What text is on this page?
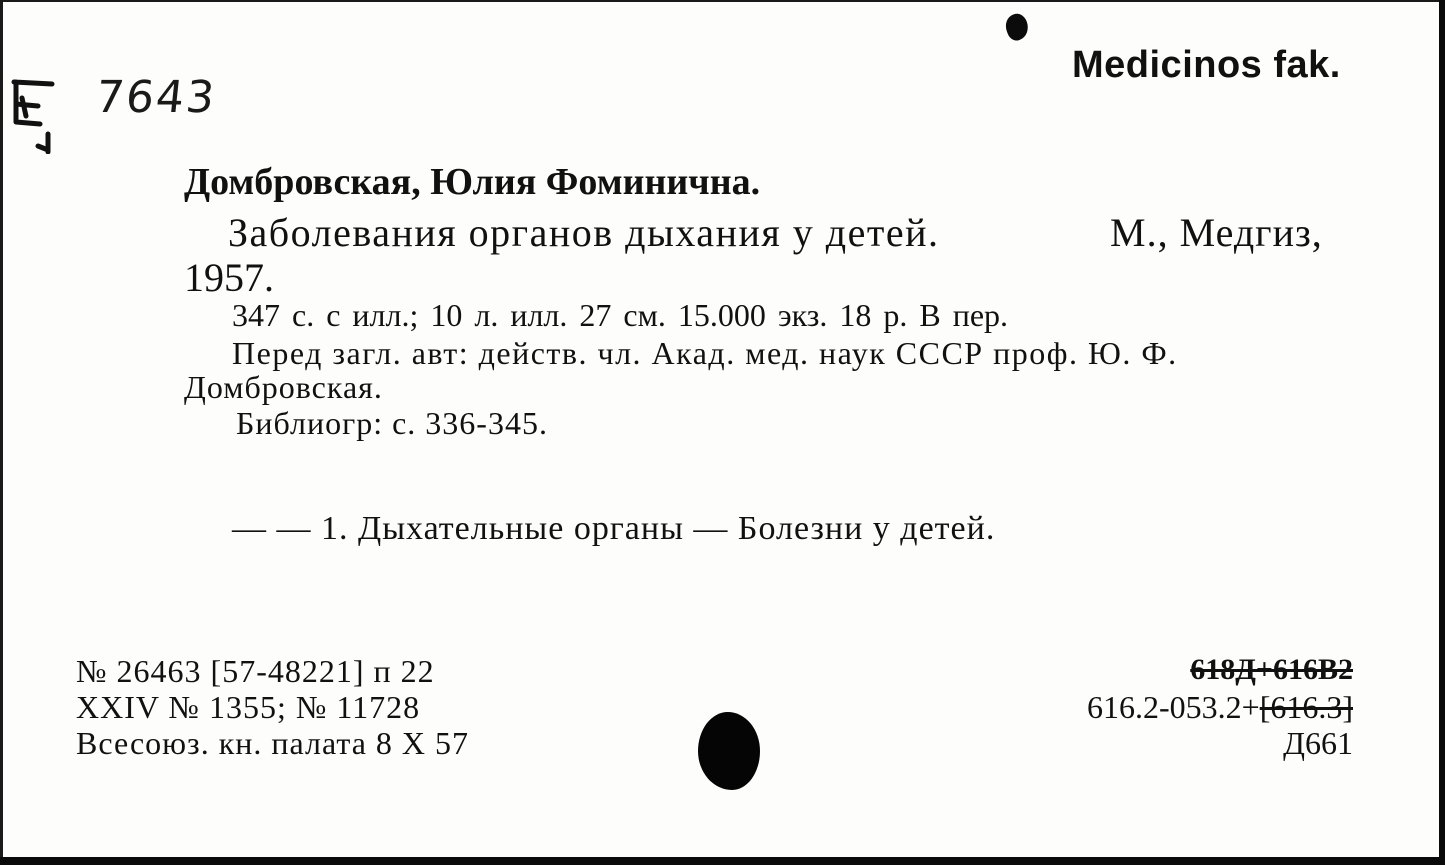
Medicinos fak.
7643
Домбровская, Юлия Фоминична.
Заболевания органов дыхания у детей.	М., Медгиз,
1957.
347 с. с илл.; 10 л. илл. 27 см. 15.000 экз. 18 р. В пер.
Перед загл. авт: действ. чл. Акад. мед. наук СССР проф. Ю. Ф.
Домбровская.
Библиогр: с. 336-345.
— — 1. Дыхательные органы — Болезни у детей.
№ 26463 [57-48221] п 22
XXIV № 1355; № 11728
Всесоюз. кн. палата 8 X 57
618Д+616В2
616.2-053.2+[616.3]
Д661
